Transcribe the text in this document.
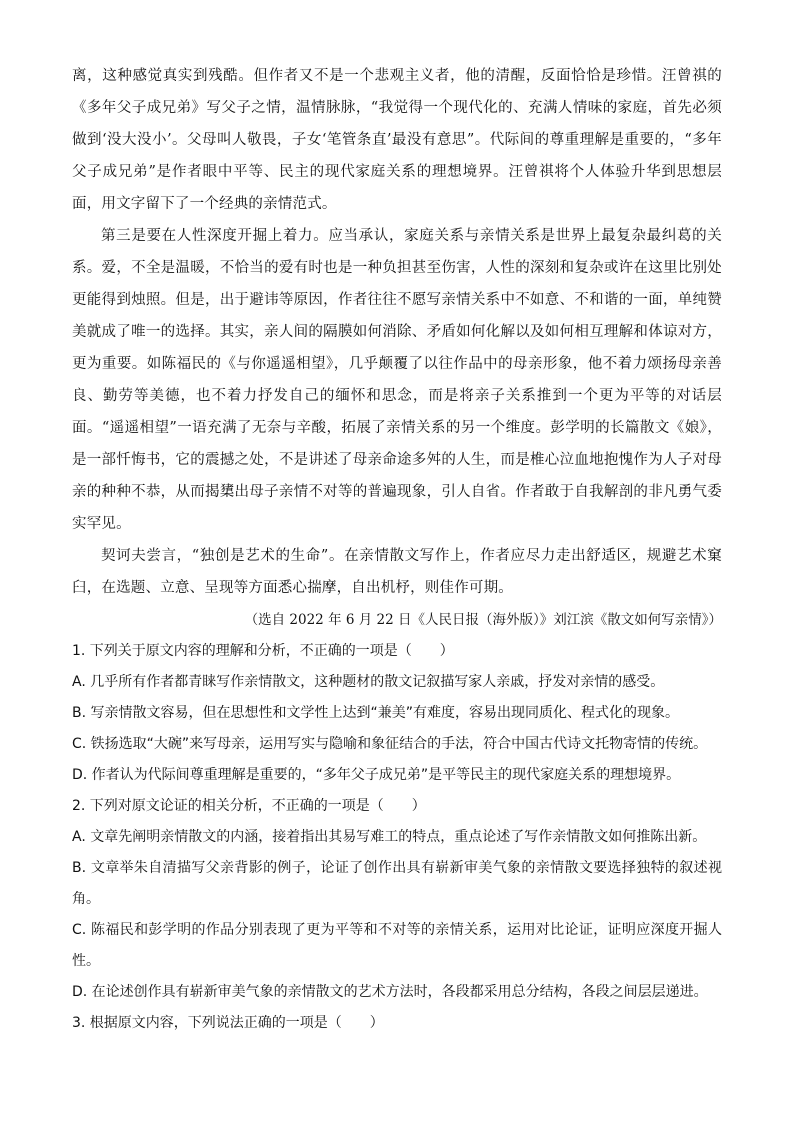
离，这种感觉真实到残酷。但作者又不是一个悲观主义者，他的清醒，反面恰恰是珍惜。汪曾祺的《多年父子成兄弟》写父子之情，温情脉脉，“我觉得一个现代化的、充满人情味的家庭，首先必须做到‘没大没小’。父母叫人敬畏，子女‘笔管条直’最没有意思”。代际间的尊重理解是重要的，“多年父子成兄弟”是作者眼中平等、民主的现代家庭关系的理想境界。汪曾祺将个人体验升华到思想层面，用文字留下了一个经典的亲情范式。

第三是要在人性深度开掘上着力。应当承认，家庭关系与亲情关系是世界上最复杂最纠葛的关系。爱，不全是温暖，不恰当的爱有时也是一种负担甚至伤害，人性的深刻和复杂或许在这里比别处更能得到烛照。但是，出于避讳等原因，作者往往不愿写亲情关系中不如意、不和谐的一面，单纯赞美就成了唯一的选择。其实，亲人间的隔膜如何消除、矛盾如何化解以及如何相互理解和体谅对方，更为重要。如陈福民的《与你遥遥相望》，几乎颠覆了以往作品中的母亲形象，他不着力颂扬母亲善良、勤劳等美德，也不着力抒发自己的缅怀和思念，而是将亲子关系推到一个更为平等的对话层面。“遥遥相望”一语充满了无奈与辛酸，拓展了亲情关系的另一个维度。彭学明的长篇散文《娘》，是一部忏悔书，它的震撼之处，不是讲述了母亲命途多舛的人生，而是椎心泣血地抱愧作为人子对母亲的种种不恭，从而揭橥出母子亲情不对等的普遍现象，引人自省。作者敢于自我解剖的非凡勇气委实罕见。

契诃夫尝言，“独创是艺术的生命”。在亲情散文写作上，作者应尽力走出舒适区，规避艺术窠臼，在选题、立意、呈现等方面悉心揣摩，自出机杼，则佳作可期。

（选自 2022 年 6 月 22 日《人民日报（海外版）》刘江滨《散文如何写亲情》）

1. 下列关于原文内容的理解和分析，不正确的一项是（　　）

A. 几乎所有作者都青睐写作亲情散文，这种题材的散文记叙描写家人亲戚，抒发对亲情的感受。

B. 写亲情散文容易，但在思想性和文学性上达到“兼美”有难度，容易出现同质化、程式化的现象。

C. 铁扬选取“大碗”来写母亲，运用写实与隐喻和象征结合的手法，符合中国古代诗文托物寄情的传统。

D. 作者认为代际间尊重理解是重要的，“多年父子成兄弟”是平等民主的现代家庭关系的理想境界。

2. 下列对原文论证的相关分析，不正确的一项是（　　）

A. 文章先阐明亲情散文的内涵，接着指出其易写难工的特点，重点论述了写作亲情散文如何推陈出新。

B. 文章举朱自清描写父亲背影的例子，论证了创作出具有崭新审美气象的亲情散文要选择独特的叙述视角。

C. 陈福民和彭学明的作品分别表现了更为平等和不对等的亲情关系，运用对比论证，证明应深度开掘人性。

D. 在论述创作具有崭新审美气象的亲情散文的艺术方法时，各段都采用总分结构，各段之间层层递进。

3. 根据原文内容，下列说法正确的一项是（　　）
